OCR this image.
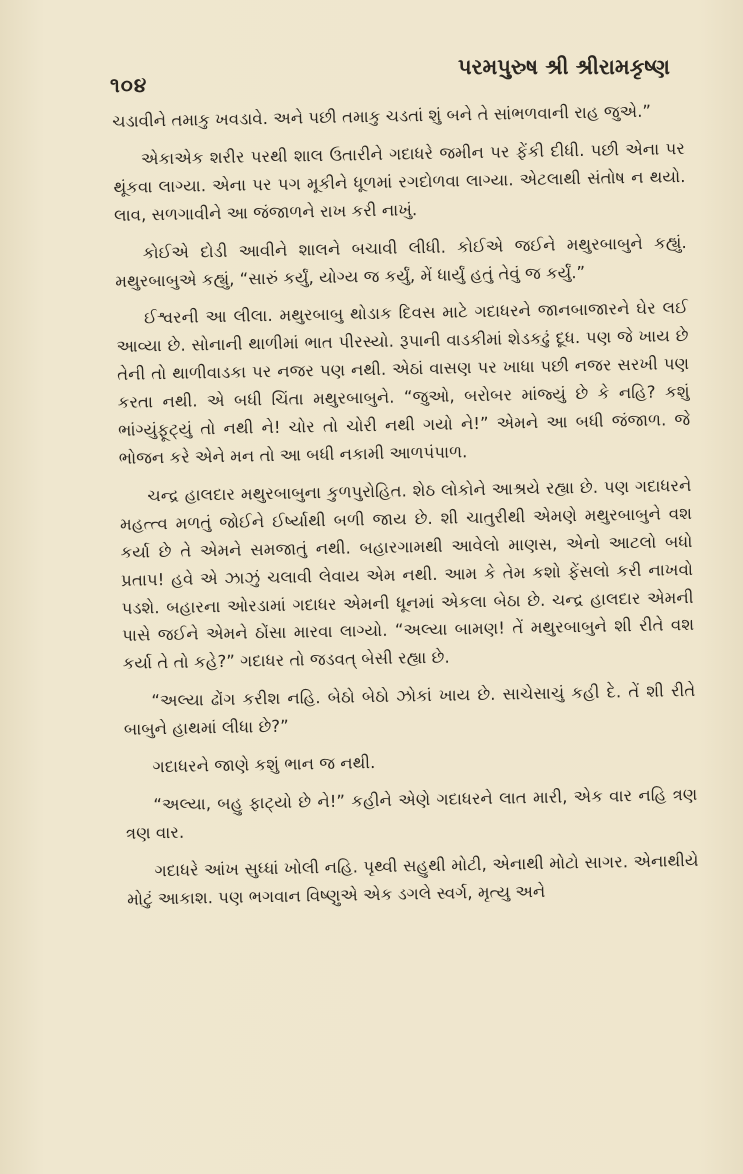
૧૦૪
પરમપુરુષ શ્રી શ્રીરામકૃષ્ણ

ચડાવીને તમાકુ ખવડાવે. અને પછી તમાકુ ચડતાં શું બને તે સાંભળવાની રાહ જુએ.”

એકાએક શરીર પરથી શાલ ઉતારીને ગદાધરે જમીન પર ફેંકી દીધી. પછી એના પર થૂંકવા લાગ્યા. એના પર પગ મૂકીને ધૂળમાં રગદોળવા લાગ્યા. એટલાથી સંતોષ ન થયો. લાવ, સળગાવીને આ જંજાળને રાખ કરી નાખું.

કોઈએ દોડી આવીને શાલને બચાવી લીધી. કોઈએ જઈને મથુરબાબુને કહ્યું. મથુરબાબુએ કહ્યું, “સારું કર્યું, યોગ્ય જ કર્યું, મેં ધાર્યું હતું તેવું જ કર્યું.”

ઈશ્વરની આ લીલા. મથુરબાબુ થોડાક દિવસ માટે ગદાધરને જાનબાજારને ઘેર લઈ આવ્યા છે. સોનાની થાળીમાં ભાત પીરસ્યો. રૂપાની વાડકીમાં શેડકઢું દૂધ. પણ જે ખાય છે તેની તો થાળીવાડકા પર નજર પણ નથી. એઠાં વાસણ પર ખાધા પછી નજર સરખી પણ કરતા નથી. એ બધી ચિંતા મથુરબાબુને. “જુઓ, બરોબર માંજ્યું છે કે નહિ? કશું ભાંગ્યુંફૂટ્યું તો નથી ને! ચોર તો ચોરી નથી ગયો ને!” એમને આ બધી જંજાળ. જે ભોજન કરે એને મન તો આ બધી નકામી આળપંપાળ.

ચન્દ્ર હાલદાર મથુરબાબુના કુળપુરોહિત. શેઠ લોકોને આશ્રયે રહ્યા છે. પણ ગદાધરને મહત્ત્વ મળતું જોઈને ઈર્ષ્યાથી બળી જાય છે. શી ચાતુરીથી એમણે મથુરબાબુને વશ કર્યા છે તે એમને સમજાતું નથી. બહારગામથી આવેલો માણસ, એનો આટલો બધો પ્રતાપ! હવે એ ઝાઝું ચલાવી લેવાય એમ નથી. આમ કે તેમ કશો ફેંસલો કરી નાખવો પડશે. બહારના ઓરડામાં ગદાધર એમની ધૂનમાં એકલા બેઠા છે. ચન્દ્ર હાલદાર એમની પાસે જઈને એમને ઠોંસા મારવા લાગ્યો. “અલ્યા બામણ! તેં મથુરબાબુને શી રીતે વશ કર્યા તે તો કહે?” ગદાધર તો જડવત્ બેસી રહ્યા છે.

“અલ્યા ઢોંગ કરીશ નહિ. બેઠો બેઠો ઝોકાં ખાય છે. સાચેસાચું કહી દે. તેં શી રીતે બાબુને હાથમાં લીધા છે?”

ગદાધરને જાણે કશું ભાન જ નથી.

“અલ્યા, બહુ ફાટ્યો છે ને!” કહીને એણે ગદાધરને લાત મારી, એક વાર નહિ ત્રણ ત્રણ વાર.

ગદાધરે આંખ સુધ્ધાં ખોલી નહિ. પૃથ્વી સહુથી મોટી, એનાથી મોટો સાગર. એનાથીયે મોટું આકાશ. પણ ભગવાન વિષ્ણુએ એક ડગલે સ્વર્ગ, મૃત્યુ અને
